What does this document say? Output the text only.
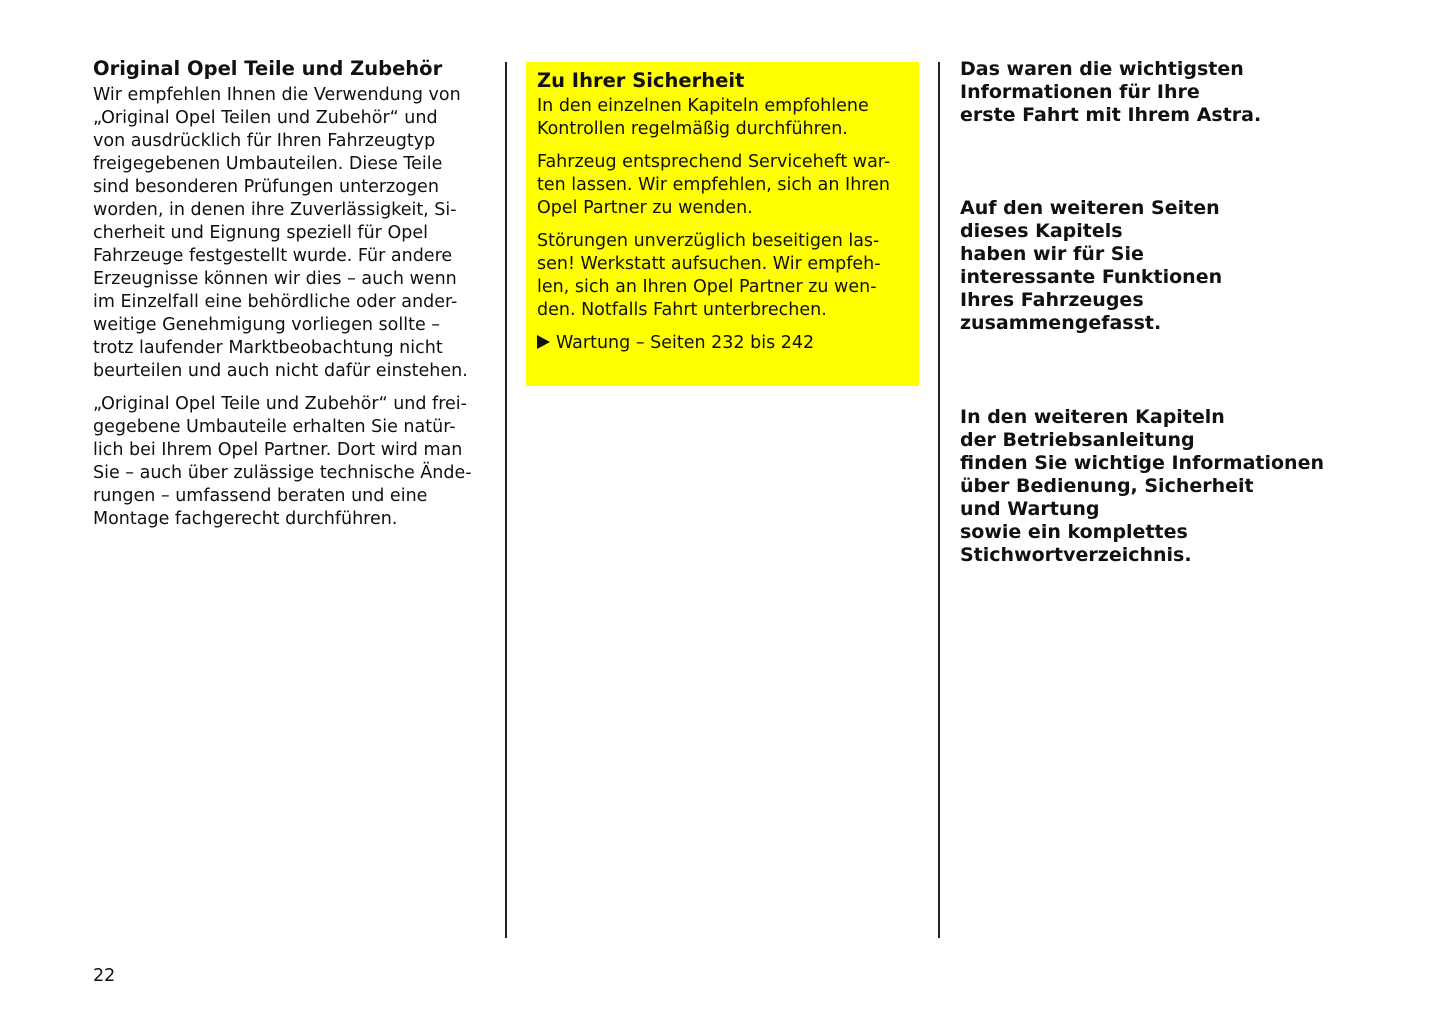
Original Opel Teile und Zubehör

Wir empfehlen Ihnen die Verwendung von
„Original Opel Teilen und Zubehör“ und
von ausdrücklich für Ihren Fahrzeugtyp
freigegebenen Umbauteilen. Diese Teile
sind besonderen Prüfungen unterzogen
worden, in denen ihre Zuverlässigkeit, Si-
cherheit und Eignung speziell für Opel
Fahrzeuge festgestellt wurde. Für andere
Erzeugnisse können wir dies – auch wenn
im Einzelfall eine behördliche oder ander-
weitige Genehmigung vorliegen sollte –
trotz laufender Marktbeobachtung nicht
beurteilen und auch nicht dafür einstehen.

„Original Opel Teile und Zubehör“ und frei-
gegebene Umbauteile erhalten Sie natür-
lich bei Ihrem Opel Partner. Dort wird man
Sie – auch über zulässige technische Ände-
rungen – umfassend beraten und eine
Montage fachgerecht durchführen.

Zu Ihrer Sicherheit

In den einzelnen Kapiteln empfohlene
Kontrollen regelmäßig durchführen.

Fahrzeug entsprechend Serviceheft war-
ten lassen. Wir empfehlen, sich an Ihren
Opel Partner zu wenden.

Störungen unverzüglich beseitigen las-
sen! Werkstatt aufsuchen. Wir empfeh-
len, sich an Ihren Opel Partner zu wen-
den. Notfalls Fahrt unterbrechen.

Wartung – Seiten 232 bis 242

Das waren die wichtigsten
Informationen für Ihre
erste Fahrt mit Ihrem Astra.
Auf den weiteren Seiten
dieses Kapitels
haben wir für Sie
interessante Funktionen
Ihres Fahrzeuges
zusammengefasst.
In den weiteren Kapiteln
der Betriebsanleitung
finden Sie wichtige Informationen
über Bedienung, Sicherheit
und Wartung
sowie ein komplettes
Stichwortverzeichnis.
22
